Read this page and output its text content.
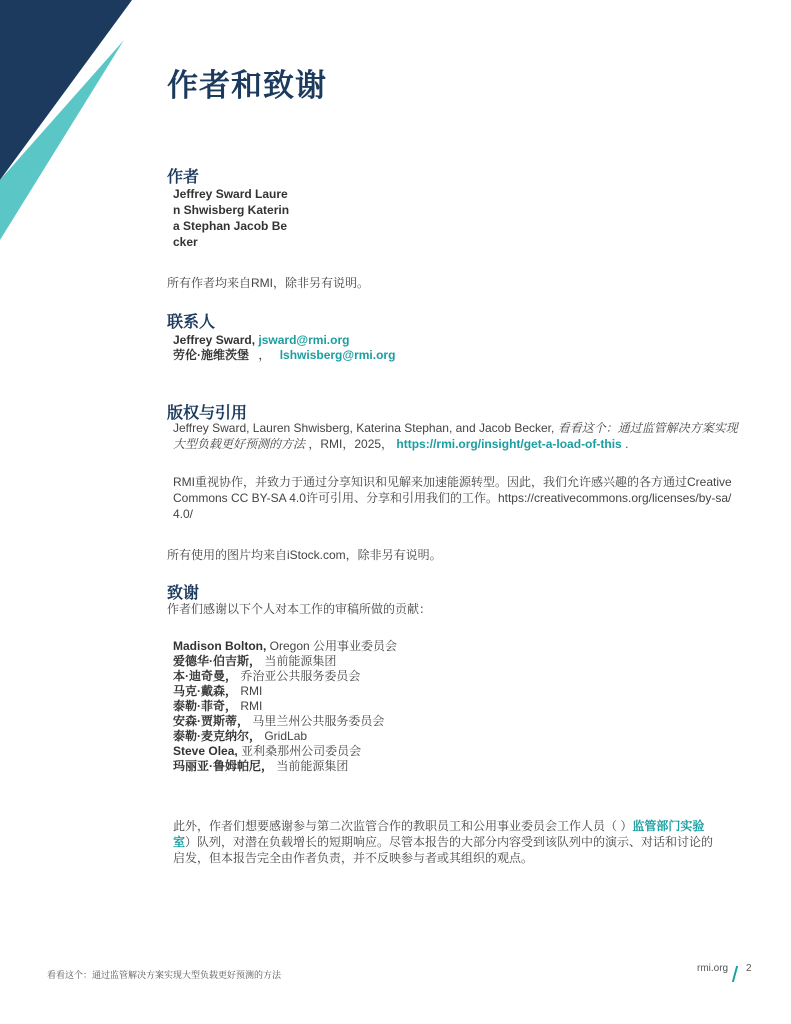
作者和致谢
作者
Jeffrey Sward Lauren Shwisberg Katerina Stephan Jacob Becker
所有作者均来自RMI，除非另有说明。
联系人
Jeffrey Sward, jsward@rmi.org
劳伦·施维茨堡 ， lshwisberg@rmi.org
版权与引用
Jeffrey Sward, Lauren Shwisberg, Katerina Stephan, and Jacob Becker, 看看这个：通过监管解决方案实现大型负载更好预测的方法 ，RMI，2025， https://rmi.org/insight/get-a-load-of-this .
RMI重视协作，并致力于通过分享知识和见解来加速能源转型。因此，我们允许感兴趣的各方通过Creative Commons CC BY-SA 4.0许可引用、分享和引用我们的工作。https://creativecommons.org/licenses/by-sa/4.0/
所有使用的图片均来自iStock.com，除非另有说明。
致谢
作者们感谢以下个人对本工作的审稿所做的贡献：
Madison Bolton, Oregon 公用事业委员会
爱德华·伯吉斯， 当前能源集团
本·迪奇曼， 乔治亚公共服务委员会
马克·戴森， RMI
泰勒·菲奇， RMI
安森·贾斯蒂， 马里兰州公共服务委员会
泰勒·麦克纳尔， GridLab
Steve Olea, 亚利桑那州公司委员会
玛丽亚·鲁姆帕尼， 当前能源集团
此外，作者们想要感谢参与第二次监管合作的教职员工和公用事业委员会工作人员（ ）监管部门实验室）队列，对潜在负载增长的短期响应。尽管本报告的大部分内容受到该队列中的演示、对话和讨论的启发，但本报告完全由作者负责，并不反映参与者或其组织的观点。
看看这个：通过监管解决方案实现大型负载更好预测的方法
rmi.org 2
